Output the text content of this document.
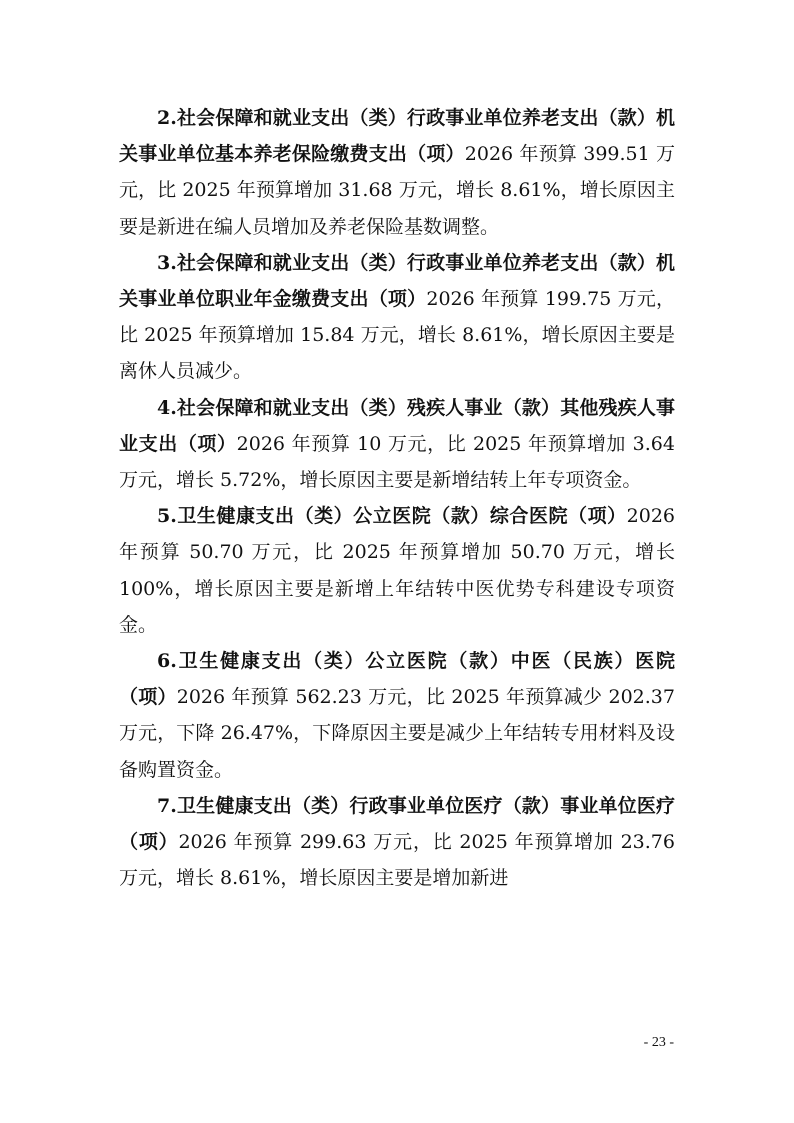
2.社会保障和就业支出（类）行政事业单位养老支出（款）机关事业单位基本养老保险缴费支出（项）2026 年预算 399.51 万元，比 2025 年预算增加 31.68 万元，增长 8.61%，增长原因主要是新进在编人员增加及养老保险基数调整。

3.社会保障和就业支出（类）行政事业单位养老支出（款）机关事业单位职业年金缴费支出（项）2026 年预算 199.75 万元，比 2025 年预算增加 15.84 万元，增长 8.61%，增长原因主要是离休人员减少。

4.社会保障和就业支出（类）残疾人事业（款）其他残疾人事业支出（项）2026 年预算 10 万元，比 2025 年预算增加 3.64 万元，增长 5.72%，增长原因主要是新增结转上年专项资金。

5.卫生健康支出（类）公立医院（款）综合医院（项）2026 年预算 50.70 万元，比 2025 年预算增加 50.70 万元，增长 100%，增长原因主要是新增上年结转中医优势专科建设专项资金。

6.卫生健康支出（类）公立医院（款）中医（民族）医院（项）2026 年预算 562.23 万元，比 2025 年预算减少 202.37 万元，下降 26.47%，下降原因主要是减少上年结转专用材料及设备购置资金。

7.卫生健康支出（类）行政事业单位医疗（款）事业单位医疗（项）2026 年预算 299.63 万元，比 2025 年预算增加 23.76 万元，增长 8.61%，增长原因主要是增加新进

- 23 -
